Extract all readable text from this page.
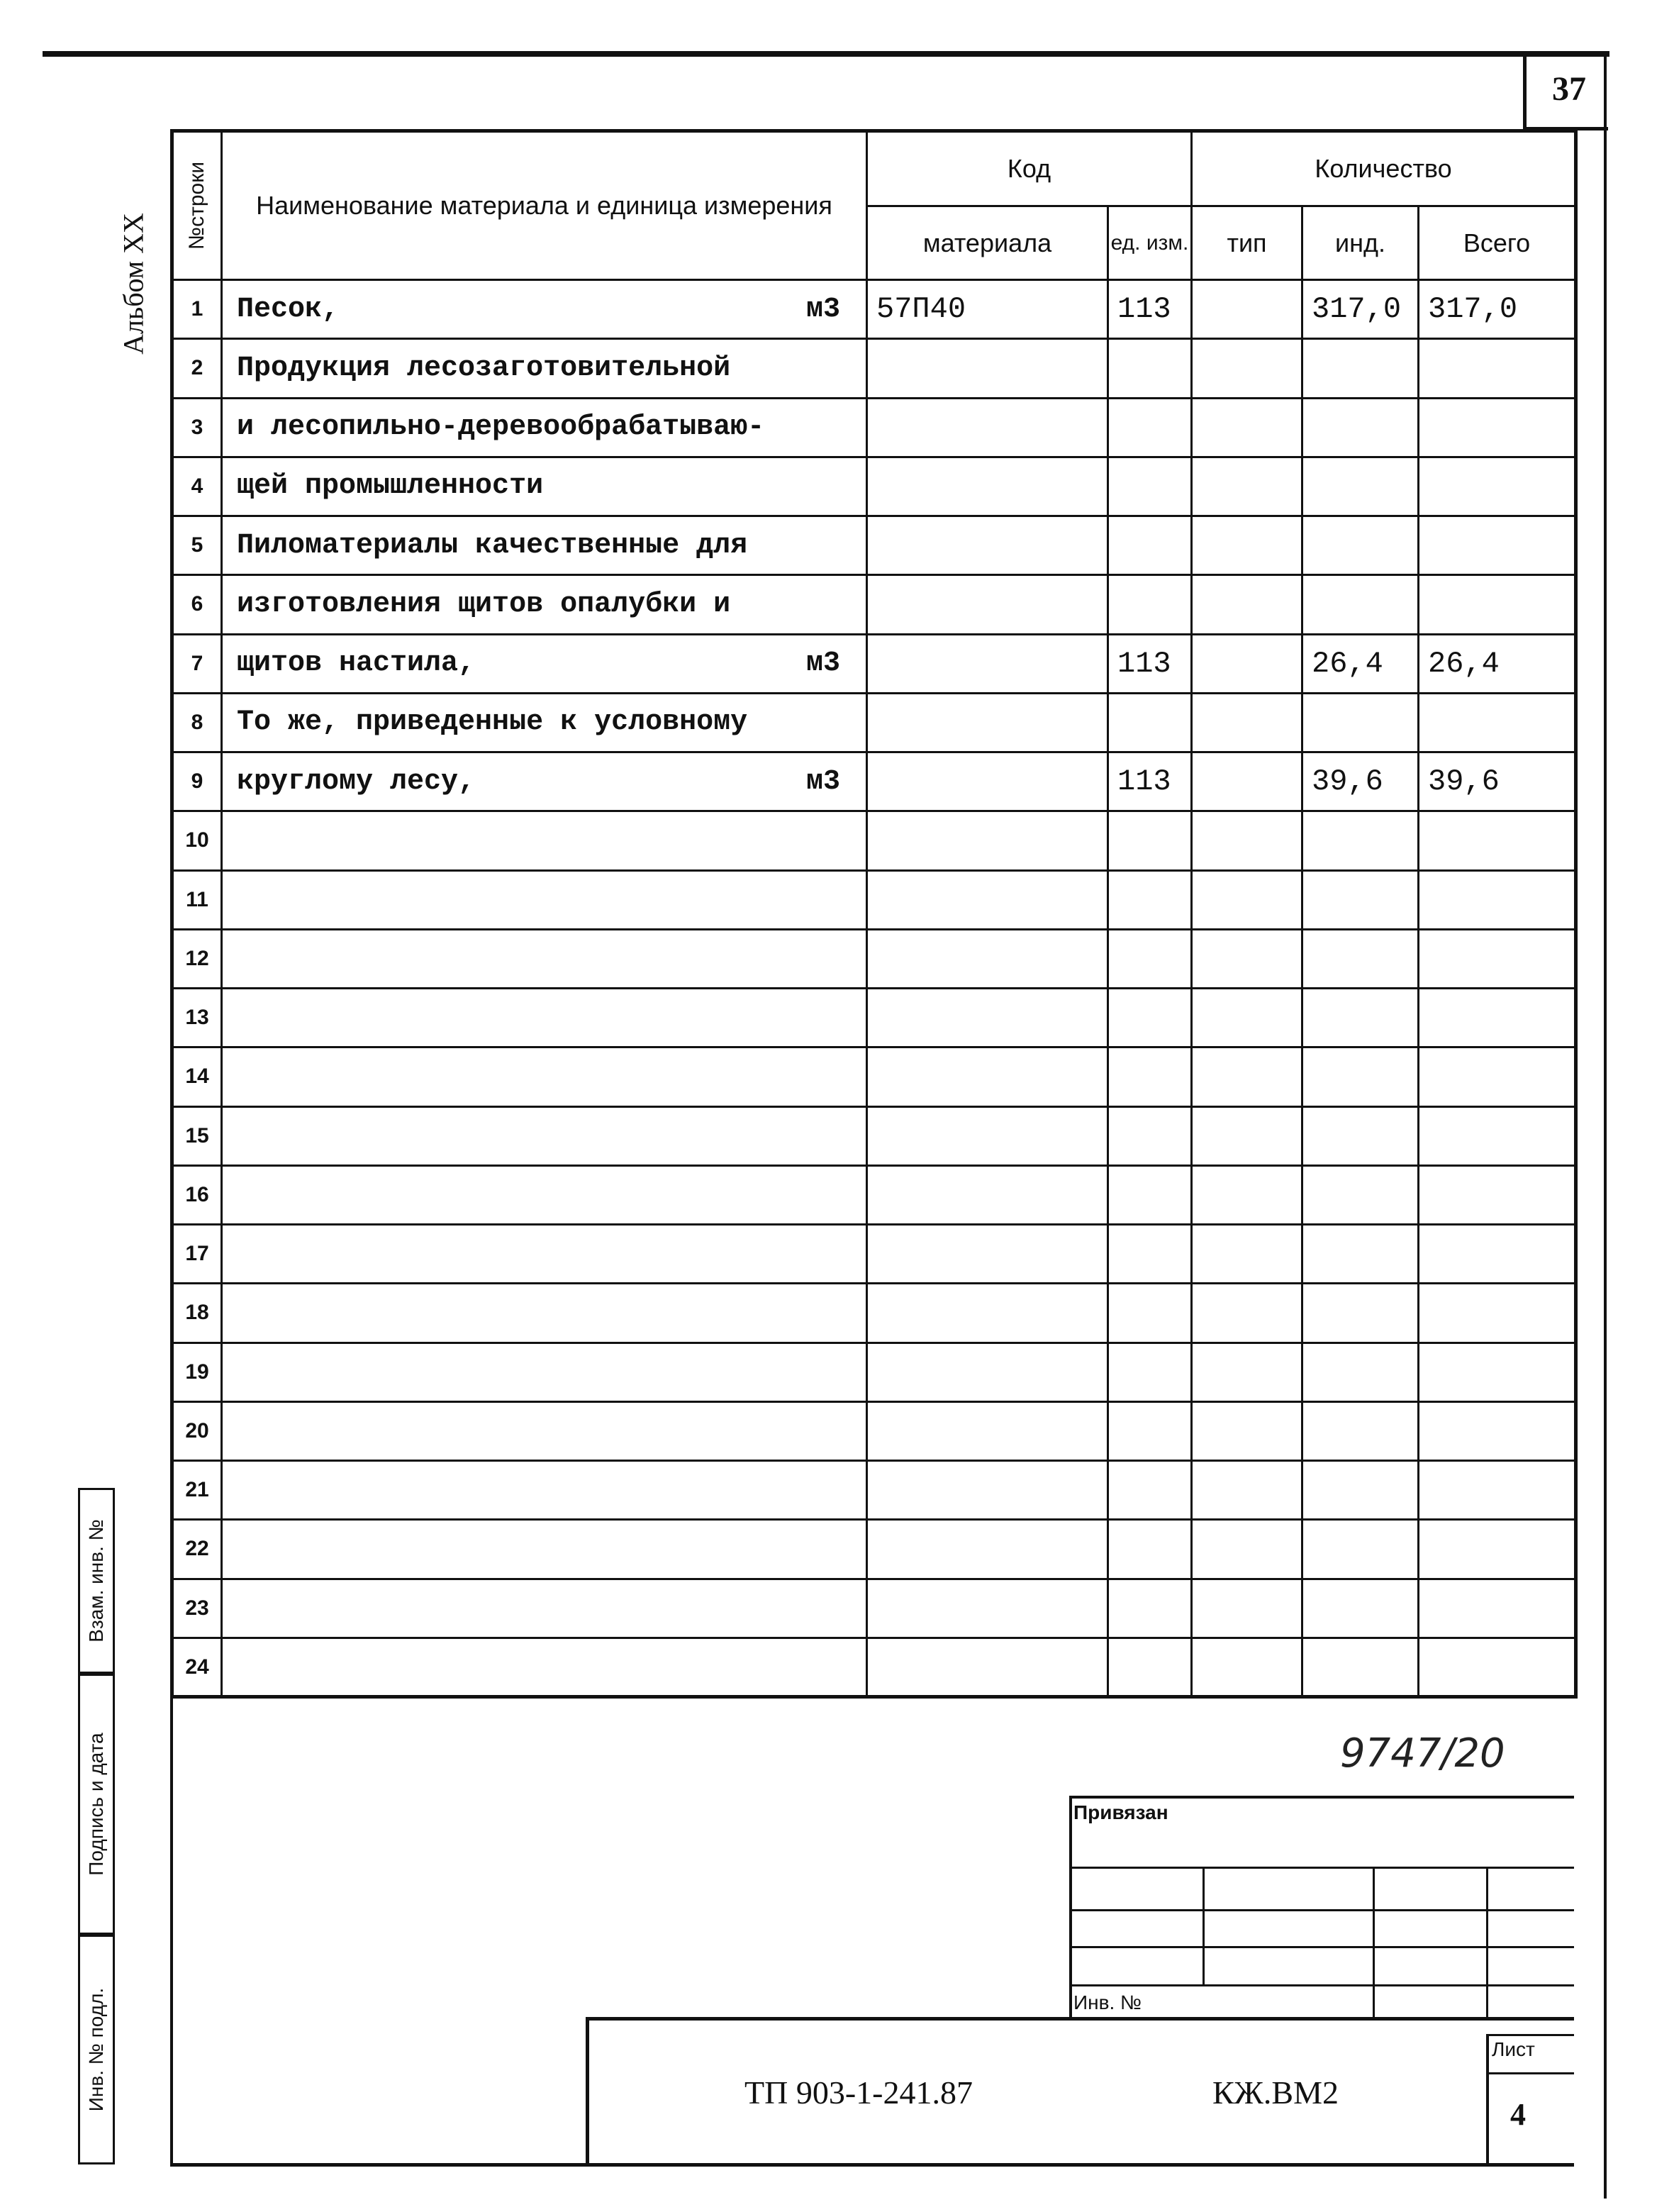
37
Альбом XX
№строки	Наименование материала и единица измерения	Код		Количество		
		материала	ед. изм.	тип	инд.	Всего
1	Песок, м3	57П40	113		317,0	317,0
2	Продукция лесозаготовительной

3	и лесопильно-деревообрабатываю-

4	щей промышленности

5	Пиломатериалы качественные для

6	изготовления щитов опалубки и

7	щитов настила, м3		113		26,4	26,4
8	То же, приведенные к условному

9	круглому лесу, м3		113		39,6	39,6
10	

11	

12	

13	

14	

15	

16	

17	

18	

19	

20	

21	

22	

23	

24	

Взам. инв. №
Подпись и дата
Инв. № подл.
9747/20
Привязан
Инв. №
ТП 903-1-241.87	КЖ.ВМ2
Лист
4
